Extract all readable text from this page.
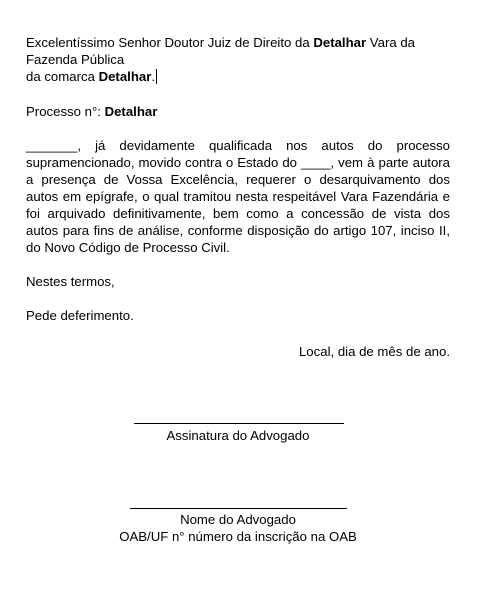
Excelentíssimo Senhor Doutor Juiz de Direito da Detalhar Vara da Fazenda Pública
da comarca Detalhar.

Processo n°: Detalhar

_______, já devidamente qualificada nos autos do processo supramencionado, movido contra o Estado do ____, vem à parte autora a presença de Vossa Excelência, requerer o desarquivamento dos autos em epígrafe, o qual tramitou nesta respeitável Vara Fazendária e foi arquivado definitivamente, bem como a concessão de vista dos autos para fins de análise, conforme disposição do artigo 107, inciso II, do Novo Código de Processo Civil.

Nestes termos,

Pede deferimento.

Local, dia de mês de ano.
Assinatura do Advogado
Nome do Advogado
OAB/UF n° número da inscrição na OAB
